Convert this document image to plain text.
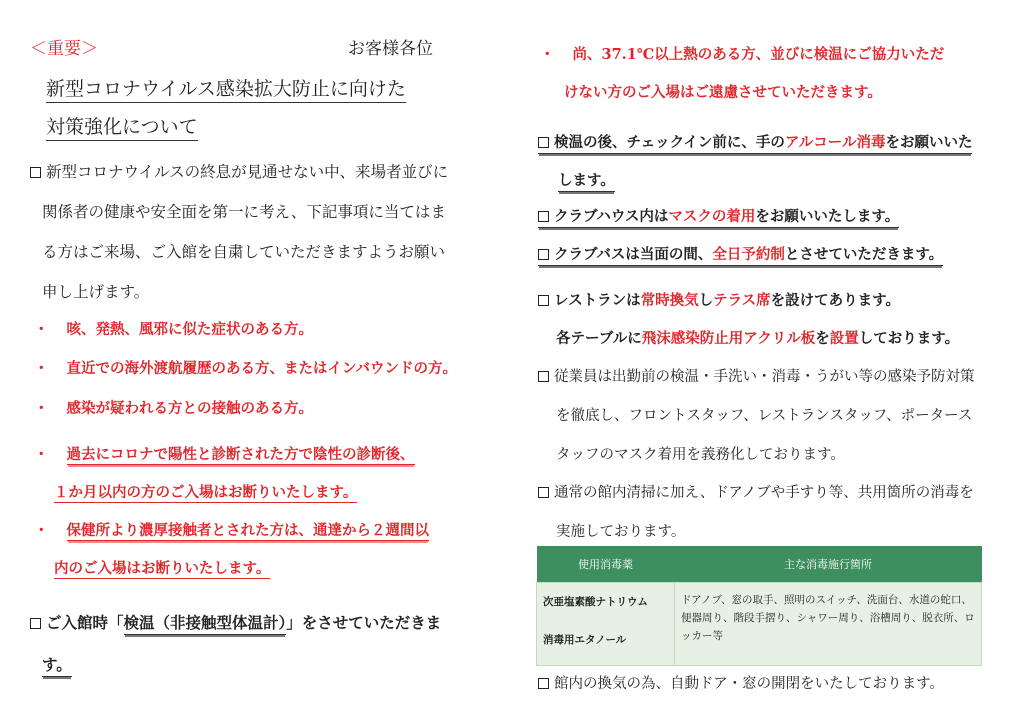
＜重要＞	お客様各位
新型コロナウイルス感染拡大防止に向けた
対策強化について
新型コロナウイルスの終息が見通せない中、来場者並びに
関係者の健康や安全面を第一に考え、下記事項に当てはま
る方はご来場、ご入館を自粛していただきますようお願い
申し上げます。
・ 咳、発熱、風邪に似た症状のある方。
・ 直近での海外渡航履歴のある方、またはインバウンドの方。
・ 感染が疑われる方との接触のある方。
・ 過去にコロナで陽性と診断された方で陰性の診断後、
１か月以内の方のご入場はお断りいたします。
・ 保健所より濃厚接触者とされた方は、通達から２週間以
内のご入場はお断りいたします。
ご入館時「検温（非接触型体温計）」をさせていただきま
す。
・ 尚、37.1℃以上熱のある方、並びに検温にご協力いただ
けない方のご入場はご遠慮させていただきます。
検温の後、チェックイン前に、手のアルコール消毒をお願いいた
します。
クラブハウス内はマスクの着用をお願いいたします。
クラブバスは当面の間、全日予約制とさせていただきます。
レストランは常時換気しテラス席を設けてあります。
各テーブルに飛沫感染防止用アクリル板を設置しております。
従業員は出勤前の検温・手洗い・消毒・うがい等の感染予防対策
を徹底し、フロントスタッフ、レストランスタッフ、ポータース
タッフのマスク着用を義務化しております。
通常の館内清掃に加え、ドアノブや手すり等、共用箇所の消毒を
実施しております。
使用消毒薬	主な消毒施行箇所

次亜塩素酸ナトリウム
消毒用エタノール	ドアノブ、窓の取手、照明のスイッチ、洗面台、水道の蛇口、便器周り、階段手摺り、シャワー周り、浴槽周り、脱衣所、ロッカー等
館内の換気の為、自動ドア・窓の開閉をいたしております。
